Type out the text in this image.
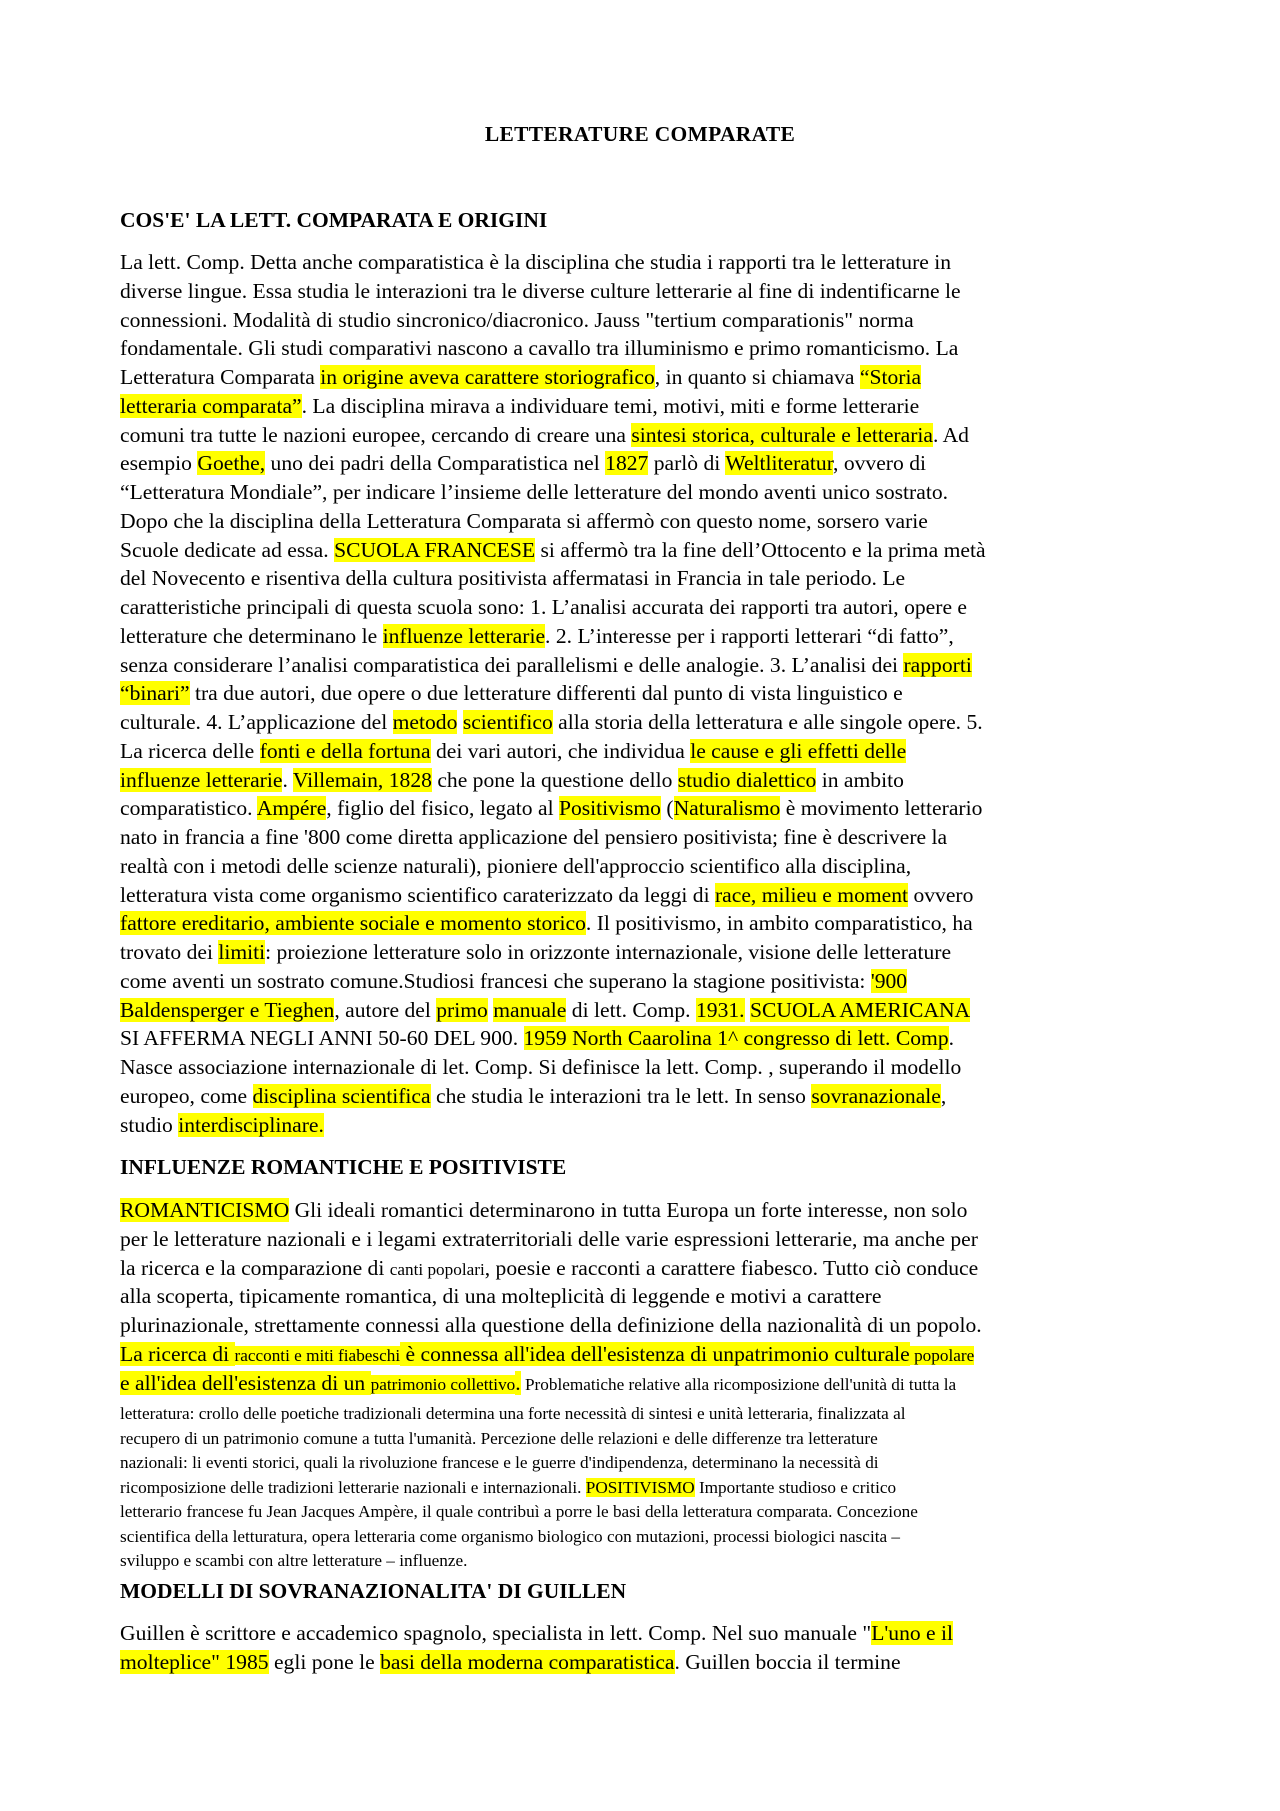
LETTERATURE COMPARATE
COS'E' LA LETT. COMPARATA E ORIGINI
La lett. Comp. Detta anche comparatistica è la disciplina che studia i rapporti tra le letterature in
diverse lingue. Essa studia le interazioni tra le diverse culture letterarie al fine di indentificarne le
connessioni. Modalità di studio sincronico/diacronico. Jauss "tertium comparationis" norma
fondamentale. Gli studi comparativi nascono a cavallo tra illuminismo e primo romanticismo. La
Letteratura Comparata in origine aveva carattere storiografico, in quanto si chiamava “Storia
letteraria comparata”. La disciplina mirava a individuare temi, motivi, miti e forme letterarie
comuni tra tutte le nazioni europee, cercando di creare una sintesi storica, culturale e letteraria. Ad
esempio Goethe, uno dei padri della Comparatistica nel 1827 parlò di Weltliteratur, ovvero di
“Letteratura Mondiale”, per indicare l’insieme delle letterature del mondo aventi unico sostrato.
Dopo che la disciplina della Letteratura Comparata si affermò con questo nome, sorsero varie
Scuole dedicate ad essa. SCUOLA FRANCESE si affermò tra la fine dell’Ottocento e la prima metà
del Novecento e risentiva della cultura positivista affermatasi in Francia in tale periodo. Le
caratteristiche principali di questa scuola sono: 1. L’analisi accurata dei rapporti tra autori, opere e
letterature che determinano le influenze letterarie. 2. L’interesse per i rapporti letterari “di fatto”,
senza considerare l’analisi comparatistica dei parallelismi e delle analogie. 3. L’analisi dei rapporti
“binari” tra due autori, due opere o due letterature differenti dal punto di vista linguistico e
culturale. 4. L’applicazione del metodo scientifico alla storia della letteratura e alle singole opere. 5.
La ricerca delle fonti e della fortuna dei vari autori, che individua le cause e gli effetti delle
influenze letterarie. Villemain, 1828 che pone la questione dello studio dialettico in ambito
comparatistico. Ampére, figlio del fisico, legato al Positivismo (Naturalismo è movimento letterario
nato in francia a fine '800 come diretta applicazione del pensiero positivista; fine è descrivere la
realtà con i metodi delle scienze naturali), pioniere dell'approccio scientifico alla disciplina,
letteratura vista come organismo scientifico caraterizzato da leggi di race, milieu e moment ovvero
fattore ereditario, ambiente sociale e momento storico. Il positivismo, in ambito comparatistico, ha
trovato dei limiti: proiezione letterature solo in orizzonte internazionale, visione delle letterature
come aventi un sostrato comune.Studiosi francesi che superano la stagione positivista: '900
Baldensperger e Tieghen, autore del primo manuale di lett. Comp. 1931. SCUOLA AMERICANA
SI AFFERMA NEGLI ANNI 50-60 DEL 900. 1959 North Caarolina 1^ congresso di lett. Comp.
Nasce associazione internazionale di let. Comp. Si definisce la lett. Comp. , superando il modello
europeo, come disciplina scientifica che studia le interazioni tra le lett. In senso sovranazionale,
studio interdisciplinare.
INFLUENZE ROMANTICHE E POSITIVISTE
ROMANTICISMO Gli ideali romantici determinarono in tutta Europa un forte interesse, non solo
per le letterature nazionali e i legami extraterritoriali delle varie espressioni letterarie, ma anche per
la ricerca e la comparazione di canti popolari, poesie e racconti a carattere fiabesco. Tutto ciò conduce
alla scoperta, tipicamente romantica, di una molteplicità di leggende e motivi a carattere
plurinazionale, strettamente connessi alla questione della definizione della nazionalità di un popolo.
La ricerca di racconti e miti fiabeschi è connessa all'idea dell'esistenza di unpatrimonio culturale popolare
e all'idea dell'esistenza di un patrimonio collettivo. Problematiche relative alla ricomposizione dell'unità di tutta la
letteratura: crollo delle poetiche tradizionali determina una forte necessità di sintesi e unità letteraria, finalizzata al
recupero di un patrimonio comune a tutta l'umanità. Percezione delle relazioni e delle differenze tra letterature
nazionali: li eventi storici, quali la rivoluzione francese e le guerre d'indipendenza, determinano la necessità di
ricomposizione delle tradizioni letterarie nazionali e internazionali. POSITIVISMO Importante studioso e critico
letterario francese fu Jean Jacques Ampère, il quale contribuì a porre le basi della letteratura comparata. Concezione
scientifica della letturatura, opera letteraria come organismo biologico con mutazioni, processi biologici nascita –
sviluppo e scambi con altre letterature – influenze.
MODELLI DI SOVRANAZIONALITA' DI GUILLEN
Guillen è scrittore e accademico spagnolo, specialista in lett. Comp. Nel suo manuale "L'uno e il
molteplice" 1985 egli pone le basi della moderna comparatistica. Guillen boccia il termine
